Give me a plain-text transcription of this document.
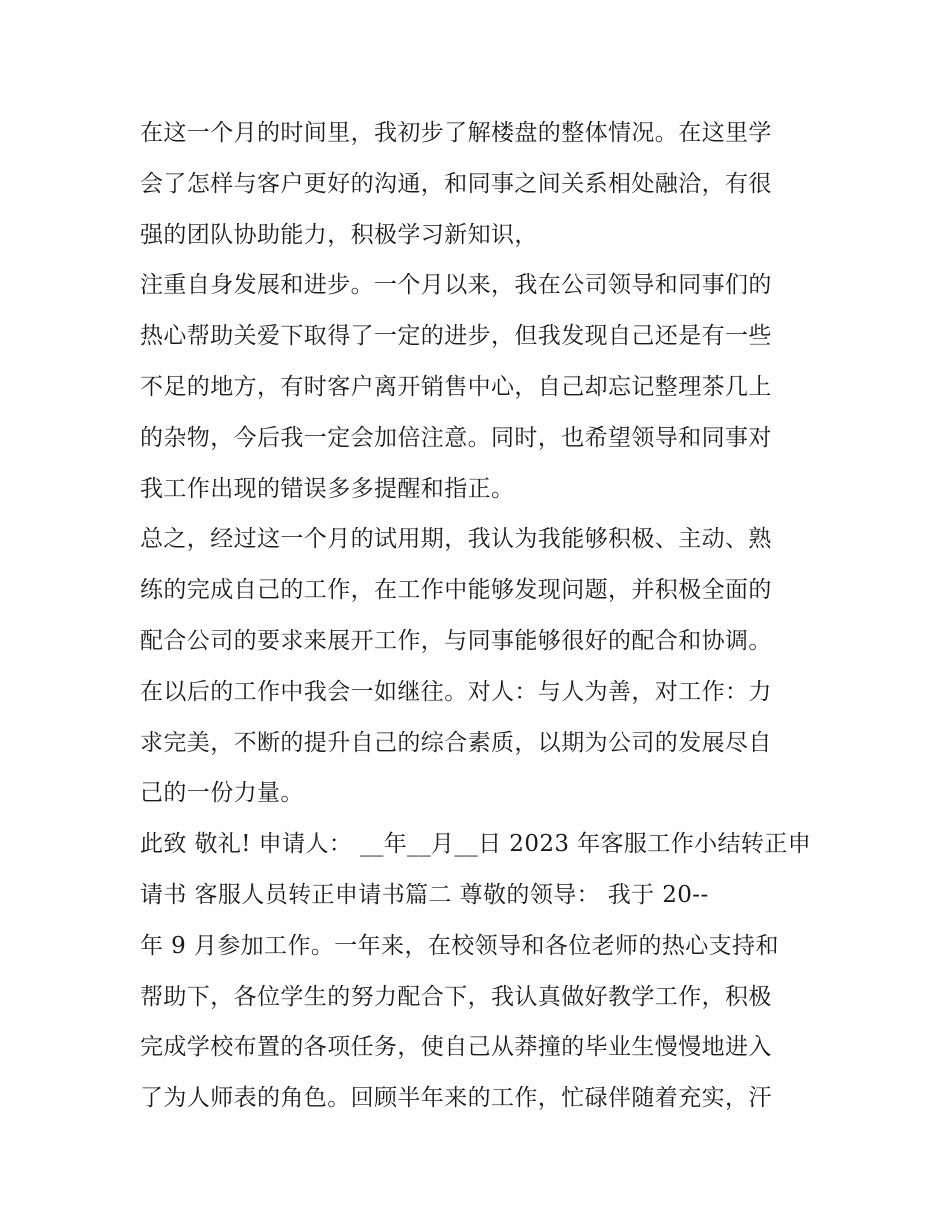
在这一个月的时间里，我初步了解楼盘的整体情况。在这里学
会了怎样与客户更好的沟通，和同事之间关系相处融洽，有很
强的团队协助能力，积极学习新知识，
注重自身发展和进步。一个月以来，我在公司领导和同事们的
热心帮助关爱下取得了一定的进步，但我发现自己还是有一些
不足的地方，有时客户离开销售中心，自己却忘记整理茶几上
的杂物，今后我一定会加倍注意。同时，也希望领导和同事对
我工作出现的错误多多提醒和指正。
总之，经过这一个月的试用期，我认为我能够积极、主动、熟
练的完成自己的工作，在工作中能够发现问题，并积极全面的
配合公司的要求来展开工作，与同事能够很好的配合和协调。
在以后的工作中我会一如继往。对人：与人为善，对工作：力
求完美，不断的提升自己的综合素质，以期为公司的发展尽自
己的一份力量。
此致 敬礼! 申请人： __年__月__日 2023 年客服工作小结转正申
请书 客服人员转正申请书篇二 尊敬的领导： 我于 20--
年 9 月参加工作。一年来，在校领导和各位老师的热心支持和
帮助下，各位学生的努力配合下，我认真做好教学工作，积极
完成学校布置的各项任务，使自己从莽撞的毕业生慢慢地进入
了为人师表的角色。回顾半年来的工作，忙碌伴随着充实，汗
